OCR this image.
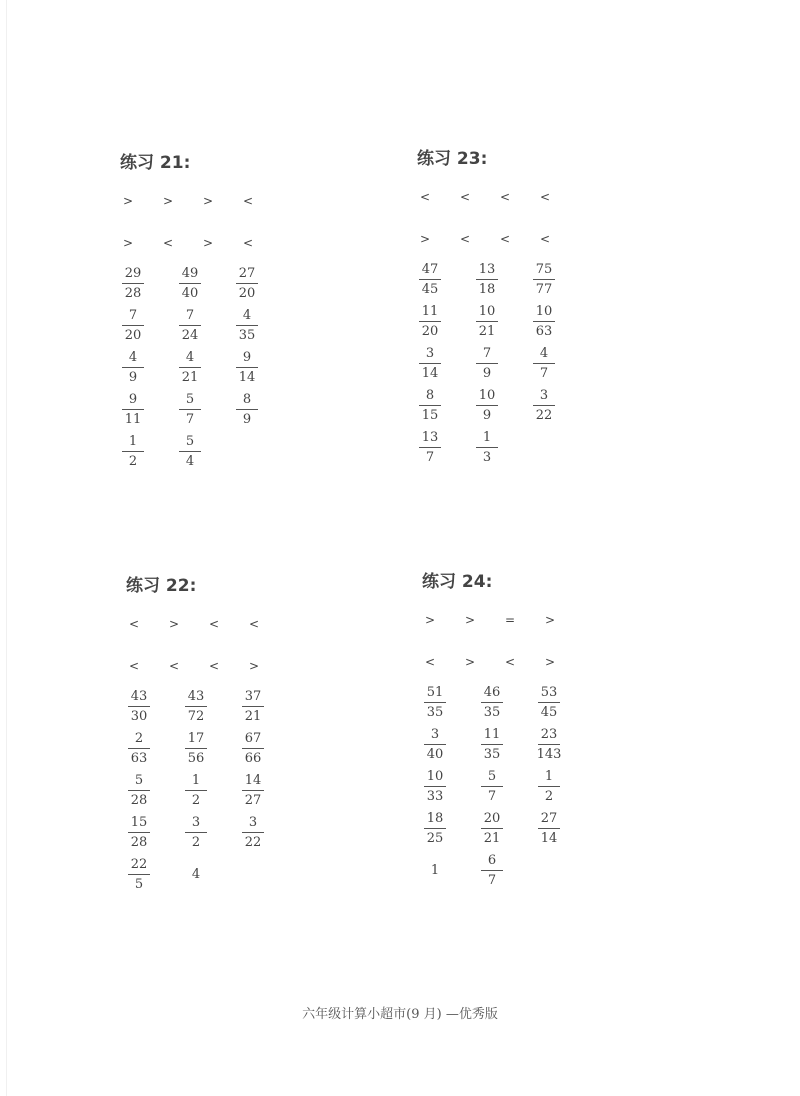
练习 21:
> > > <
> < > <
29
28
49
40
27
20
7
20
7
24
4
35
4
9
4
21
9
14
9
11
5
7
8
9
1
2
5
4
练习 23:
< < < <
> < < <
47
45
13
18
75
77
11
20
10
21
10
63
3
14
7
9
4
7
8
15
10
9
3
22
13
7
1
3
练习 22:
< > < <
< < < >
43
30
43
72
37
21
2
63
17
56
67
66
5
28
1
2
14
27
15
28
3
2
3
22
22
5
4
练习 24:
> > = >
< > < >
51
35
46
35
53
45
3
40
11
35
23
143
10
33
5
7
1
2
18
25
20
21
27
14
1
6
7
六年级计算小超市(9 月) —优秀版
